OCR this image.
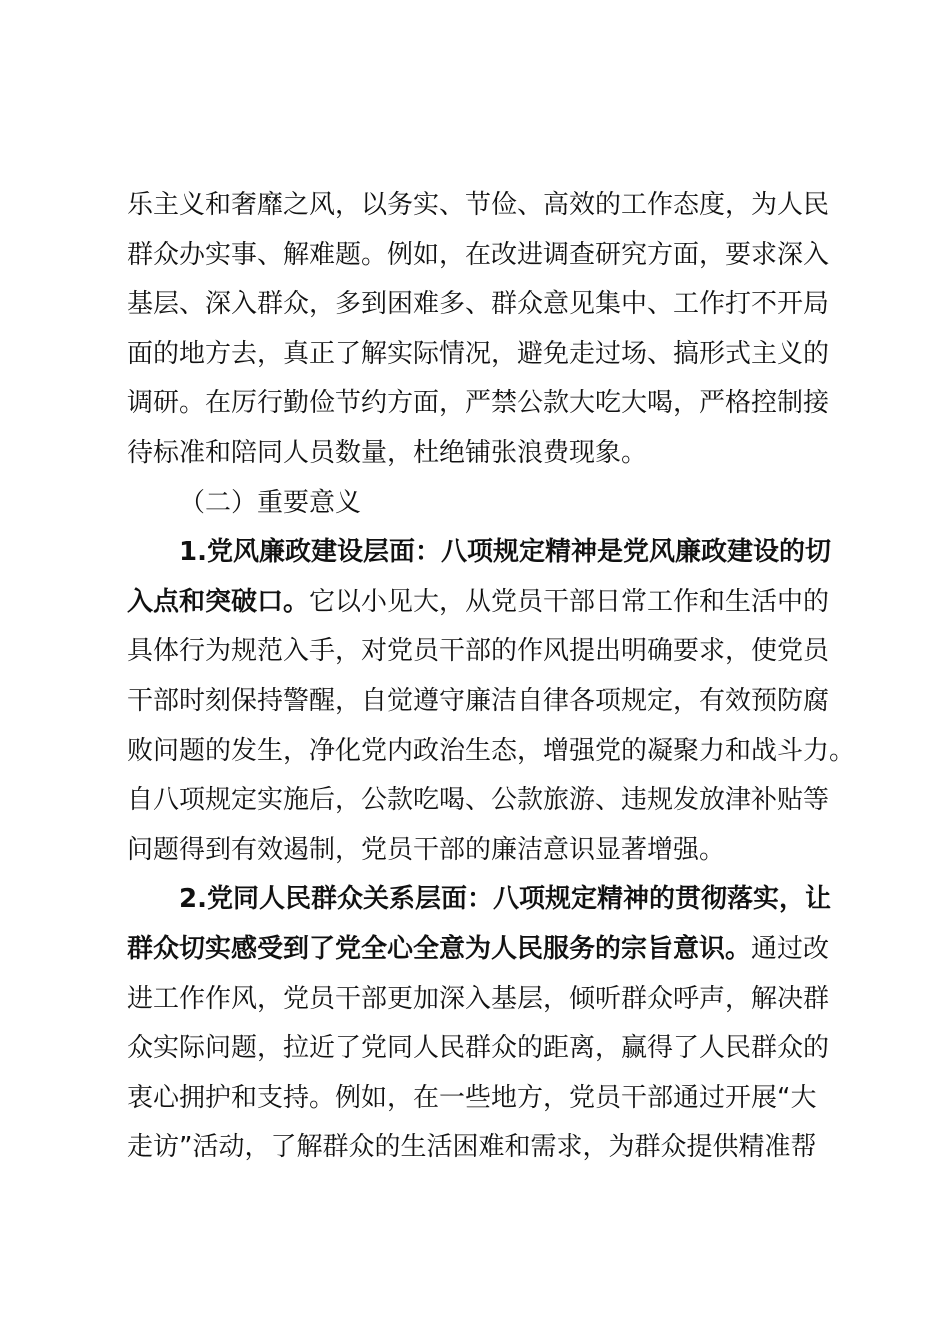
乐主义和奢靡之风，以务实、节俭、高效的工作态度，为人民
群众办实事、解难题。例如，在改进调查研究方面，要求深入
基层、深入群众，多到困难多、群众意见集中、工作打不开局
面的地方去，真正了解实际情况，避免走过场、搞形式主义的
调研。在厉行勤俭节约方面，严禁公款大吃大喝，严格控制接
待标准和陪同人员数量，杜绝铺张浪费现象。
（二）重要意义
1.党风廉政建设层面：八项规定精神是党风廉政建设的切
入点和突破口。它以小见大，从党员干部日常工作和生活中的
具体行为规范入手，对党员干部的作风提出明确要求，使党员
干部时刻保持警醒，自觉遵守廉洁自律各项规定，有效预防腐
败问题的发生，净化党内政治生态，增强党的凝聚力和战斗力。
自八项规定实施后，公款吃喝、公款旅游、违规发放津补贴等
问题得到有效遏制，党员干部的廉洁意识显著增强。
2.党同人民群众关系层面：八项规定精神的贯彻落实，让
群众切实感受到了党全心全意为人民服务的宗旨意识。通过改
进工作作风，党员干部更加深入基层，倾听群众呼声，解决群
众实际问题，拉近了党同人民群众的距离，赢得了人民群众的
衷心拥护和支持。例如，在一些地方，党员干部通过开展“大
走访”活动，了解群众的生活困难和需求，为群众提供精准帮
